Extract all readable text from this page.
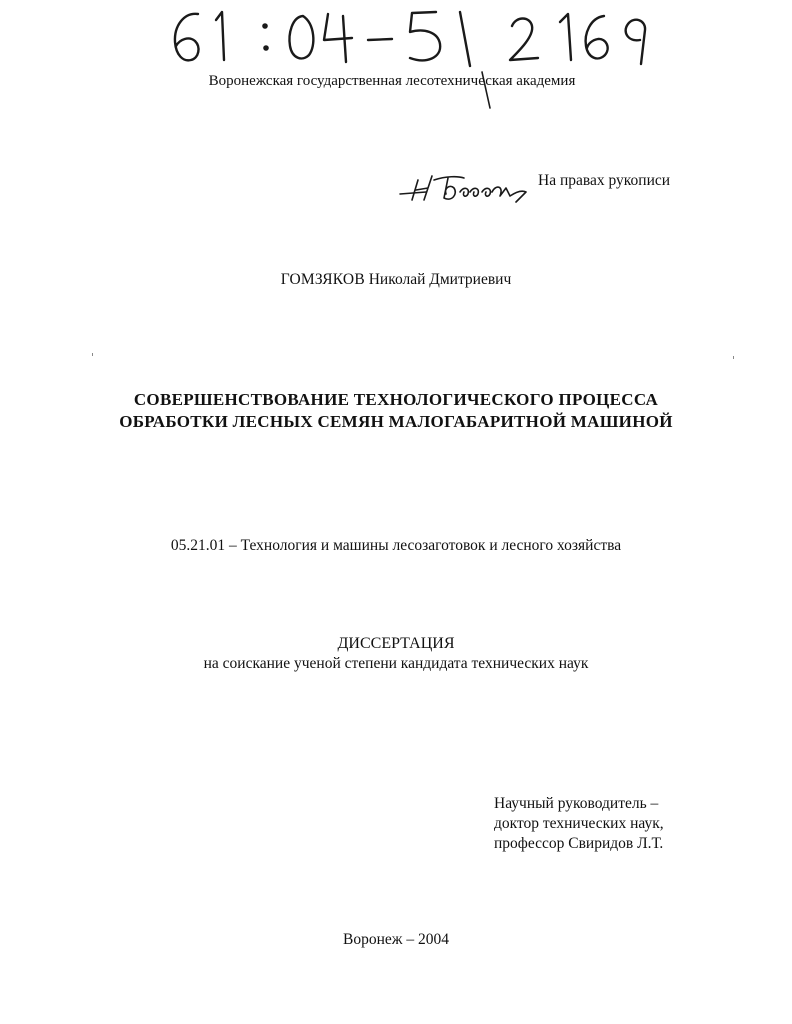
Воронежская государственная лесотехническая академия
На правах рукописи
ГОМЗЯКОВ Николай Дмитриевич
СОВЕРШЕНСТВОВАНИЕ ТЕХНОЛОГИЧЕСКОГО ПРОЦЕССА
ОБРАБОТКИ ЛЕСНЫХ СЕМЯН МАЛОГАБАРИТНОЙ МАШИНОЙ
05.21.01 – Технология и машины лесозаготовок и лесного хозяйства
ДИССЕРТАЦИЯ
на соискание ученой степени кандидата технических наук
Научный руководитель –
доктор технических наук,
профессор Свиридов Л.Т.
Воронеж – 2004
